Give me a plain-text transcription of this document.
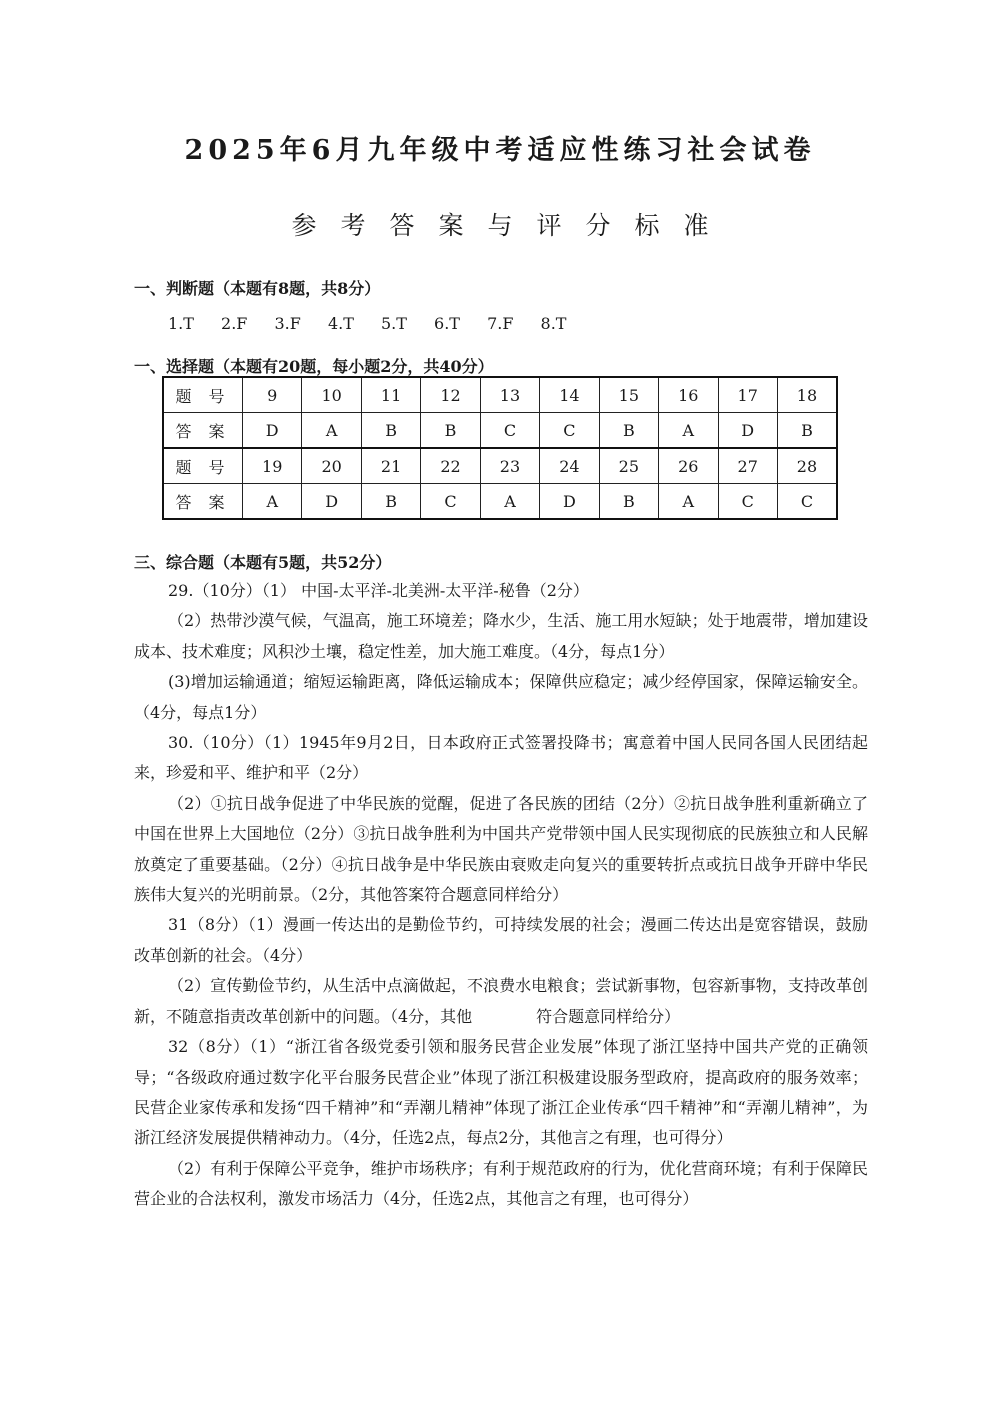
2025年6月九年级中考适应性练习社会试卷
参考答案与评分标准
一、判断题（本题有8题，共8分）
1.T 2.F 3.F 4.T 5.T 6.T 7.F 8.T
一、选择题（本题有20题，每小题2分，共40分）
题 号	9	10	11	12	13	14	15	16	17	18
答 案	D	A	B	B	C	C	B	A	D	B
题 号	19	20	21	22	23	24	25	26	27	28
答 案	A	D	B	C	A	D	B	A	C	C
三、综合题（本题有5题，共52分）

29.（10分）（1） 中国-太平洋-北美洲-太平洋-秘鲁（2分）

（2）热带沙漠气候，气温高，施工环境差；降水少，生活、施工用水短缺；处于地震带，增加建设成本、技术难度；风积沙土壤，稳定性差，加大施工难度。（4分，每点1分）

(3)增加运输通道；缩短运输距离，降低运输成本；保障供应稳定；减少经停国家，保障运输安全。（4分，每点1分）

30.（10分）（1）1945年9月2日，日本政府正式签署投降书；寓意着中国人民同各国人民团结起来，珍爱和平、维护和平（2分）

（2）①抗日战争促进了中华民族的觉醒，促进了各民族的团结（2分）②抗日战争胜利重新确立了中国在世界上大国地位（2分）③抗日战争胜利为中国共产党带领中国人民实现彻底的民族独立和人民解放奠定了重要基础。（2分）④抗日战争是中华民族由衰败走向复兴的重要转折点或抗日战争开辟中华民族伟大复兴的光明前景。（2分，其他答案符合题意同样给分）

31（8分）（1）漫画一传达出的是勤俭节约，可持续发展的社会；漫画二传达出是宽容错误，鼓励改革创新的社会。（4分）

（2）宣传勤俭节约，从生活中点滴做起，不浪费水电粮食；尝试新事物，包容新事物，支持改革创新，不随意指责改革创新中的问题。（4分，其他　　　　符合题意同样给分）

32（8分）（1）“浙江省各级党委引领和服务民营企业发展”体现了浙江坚持中国共产党的正确领导；“各级政府通过数字化平台服务民营企业”体现了浙江积极建设服务型政府，提高政府的服务效率；民营企业家传承和发扬“四千精神”和“弄潮儿精神”体现了浙江企业传承“四千精神”和“弄潮儿精神”，为浙江经济发展提供精神动力。（4分，任选2点，每点2分，其他言之有理，也可得分）

（2）有利于保障公平竞争，维护市场秩序；有利于规范政府的行为，优化营商环境；有利于保障民营企业的合法权利，激发市场活力（4分，任选2点，其他言之有理，也可得分）
